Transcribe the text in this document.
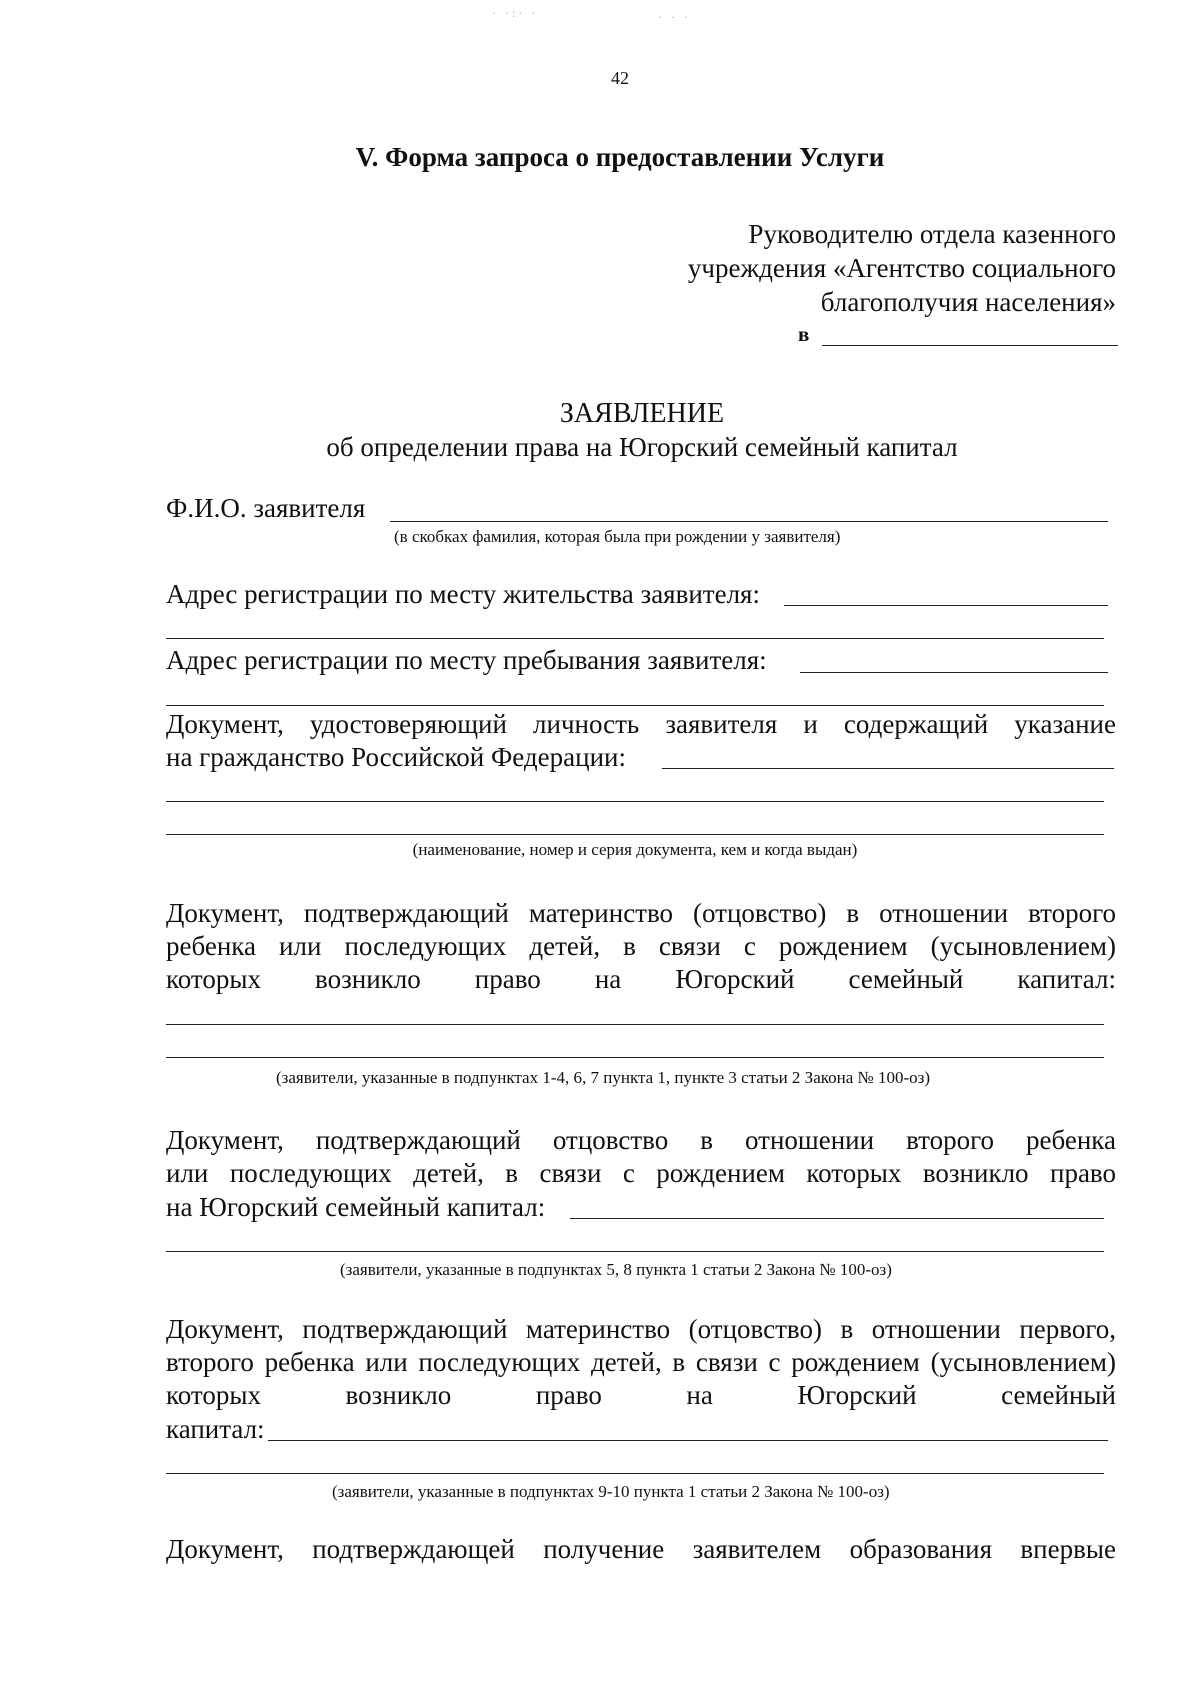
· ·:· ·	· · ·
42
V. Форма запроса о предоставлении Услуги
Руководителю отдела казенного
учреждения «Агентство социального
благополучия населения»
в
ЗАЯВЛЕНИЕ
об определении права на Югорский семейный капитал
Ф.И.О. заявителя
(в скобках фамилия, которая была при рождении у заявителя)
Адрес регистрации по месту жительства заявителя:
Адрес регистрации по месту пребывания заявителя:
Документ, удостоверяющий личность заявителя и содержащий указание
на гражданство Российской Федерации:
(наименование, номер и серия документа, кем и когда выдан)
Документ, подтверждающий материнство (отцовство) в отношении второго
ребенка или последующих детей, в связи с рождением (усыновлением)
которых возникло право на Югорский семейный капитал:
(заявители, указанные в подпунктах 1-4, 6, 7 пункта 1, пункте 3 статьи 2 Закона № 100-оз)
Документ, подтверждающий отцовство в отношении второго ребенка
или последующих детей, в связи с рождением которых возникло право
на Югорский семейный капитал:
(заявители, указанные в подпунктах 5, 8 пункта 1 статьи 2 Закона № 100-оз)
Документ, подтверждающий материнство (отцовство) в отношении первого,
второго ребенка или последующих детей, в связи с рождением (усыновлением)
которых возникло право на Югорский семейный
капитал:
(заявители, указанные в подпунктах 9-10 пункта 1 статьи 2 Закона № 100-оз)
Документ, подтверждающей получение заявителем образования впервые
